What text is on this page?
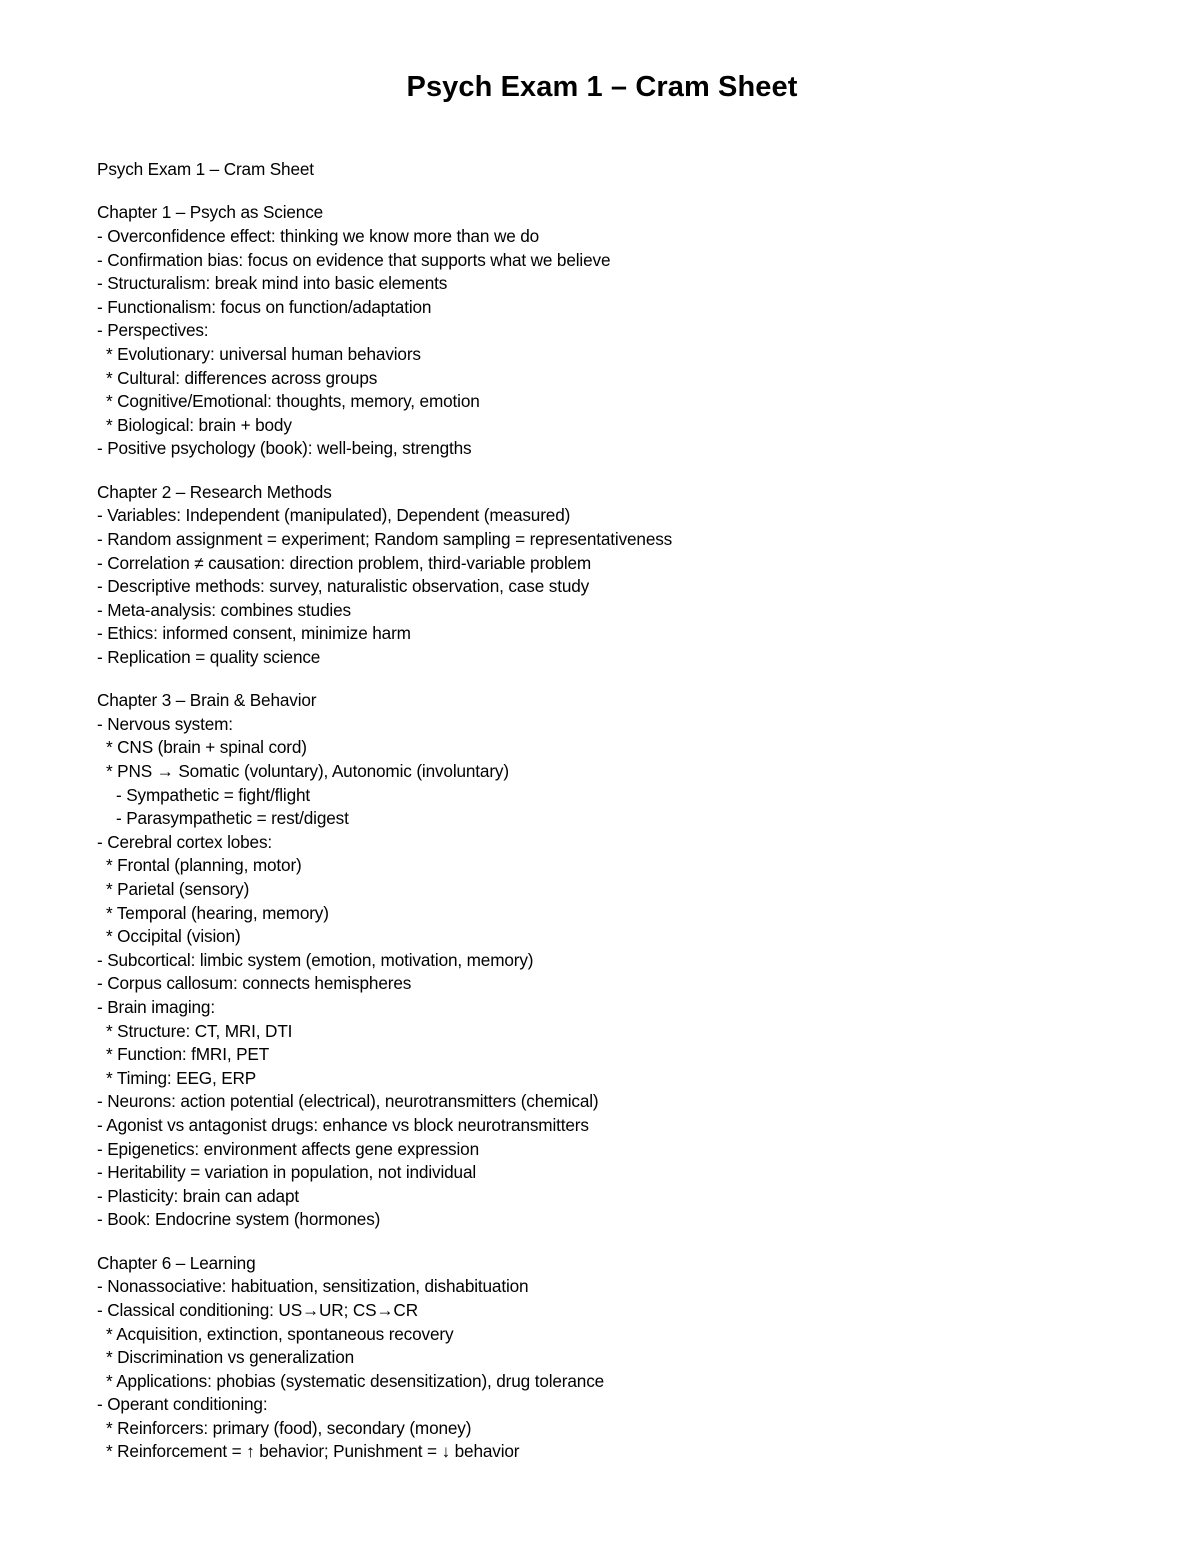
Psych Exam 1 – Cram Sheet
Psych Exam 1 – Cram Sheet
Chapter 1 – Psych as Science
- Overconfidence effect: thinking we know more than we do
- Confirmation bias: focus on evidence that supports what we believe
- Structuralism: break mind into basic elements
- Functionalism: focus on function/adaptation
- Perspectives:
* Evolutionary: universal human behaviors
* Cultural: differences across groups
* Cognitive/Emotional: thoughts, memory, emotion
* Biological: brain + body
- Positive psychology (book): well-being, strengths
Chapter 2 – Research Methods
- Variables: Independent (manipulated), Dependent (measured)
- Random assignment = experiment; Random sampling = representativeness
- Correlation ≠ causation: direction problem, third-variable problem
- Descriptive methods: survey, naturalistic observation, case study
- Meta-analysis: combines studies
- Ethics: informed consent, minimize harm
- Replication = quality science
Chapter 3 – Brain & Behavior
- Nervous system:
* CNS (brain + spinal cord)
* PNS → Somatic (voluntary), Autonomic (involuntary)
- Sympathetic = fight/flight
- Parasympathetic = rest/digest
- Cerebral cortex lobes:
* Frontal (planning, motor)
* Parietal (sensory)
* Temporal (hearing, memory)
* Occipital (vision)
- Subcortical: limbic system (emotion, motivation, memory)
- Corpus callosum: connects hemispheres
- Brain imaging:
* Structure: CT, MRI, DTI
* Function: fMRI, PET
* Timing: EEG, ERP
- Neurons: action potential (electrical), neurotransmitters (chemical)
- Agonist vs antagonist drugs: enhance vs block neurotransmitters
- Epigenetics: environment affects gene expression
- Heritability = variation in population, not individual
- Plasticity: brain can adapt
- Book: Endocrine system (hormones)
Chapter 6 – Learning
- Nonassociative: habituation, sensitization, dishabituation
- Classical conditioning: US→UR; CS→CR
* Acquisition, extinction, spontaneous recovery
* Discrimination vs generalization
* Applications: phobias (systematic desensitization), drug tolerance
- Operant conditioning:
* Reinforcers: primary (food), secondary (money)
* Reinforcement = ↑ behavior; Punishment = ↓ behavior
